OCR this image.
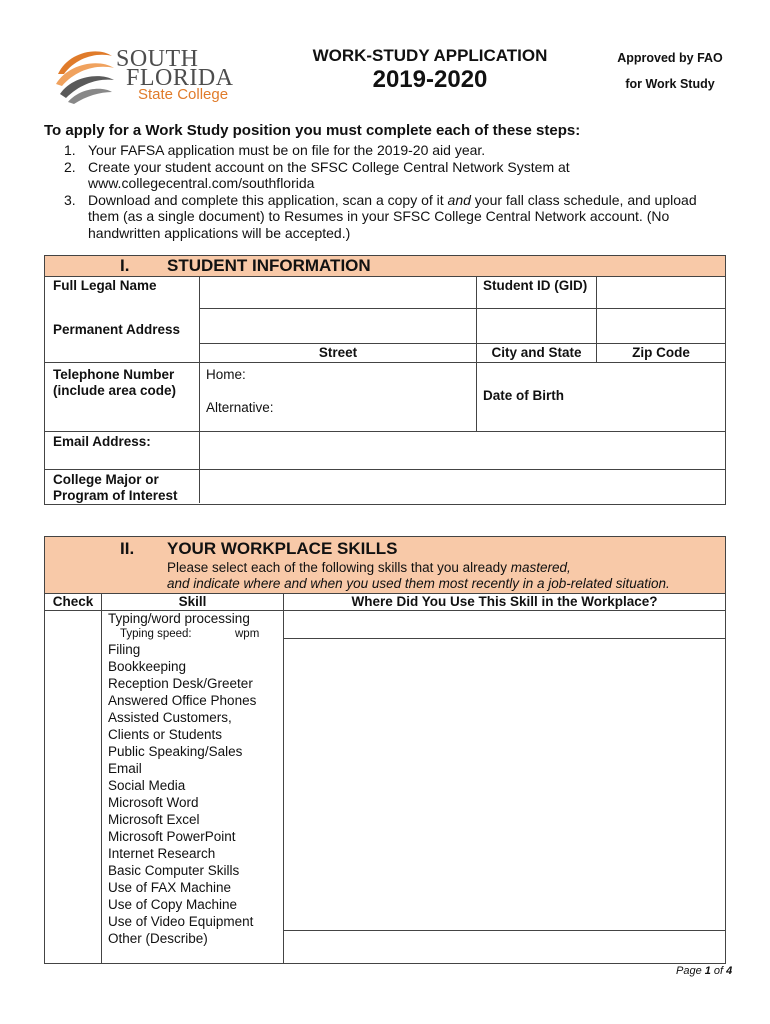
SOUTH
FLORIDA
State College
WORK-STUDY APPLICATION
2019-2020
Approved by FAO
for Work Study
To apply for a Work Study position you must complete each of these steps:
1. Your FAFSA application must be on file for the 2019-20 aid year.
2. Create your student account on the SFSC College Central Network System at
www.collegecentral.com/southflorida
3. Download and complete this application, scan a copy of it and your fall class schedule, and upload
them (as a single document) to Resumes in your SFSC College Central Network account. (No
handwritten applications will be accepted.)
I. STUDENT INFORMATION
Full Legal Name	Student ID (GID)
Permanent Address
Street	City and State	Zip Code
Telephone Number
(include area code)
Home:
Alternative:
Date of Birth
Email Address:
College Major or
Program of Interest
II. YOUR WORKPLACE SKILLS
Please select each of the following skills that you already mastered,
and indicate where and when you used them most recently in a job-related situation.
Check	Skill	Where Did You Use This Skill in the Workplace?
Typing/word processing
Typing speed:	wpm
Filing
Bookkeeping
Reception Desk/Greeter
Answered Office Phones
Assisted Customers,
Clients or Students
Public Speaking/Sales
Email
Social Media
Microsoft Word
Microsoft Excel
Microsoft PowerPoint
Internet Research
Basic Computer Skills
Use of FAX Machine
Use of Copy Machine
Use of Video Equipment
Other (Describe)
Page 1 of 4
